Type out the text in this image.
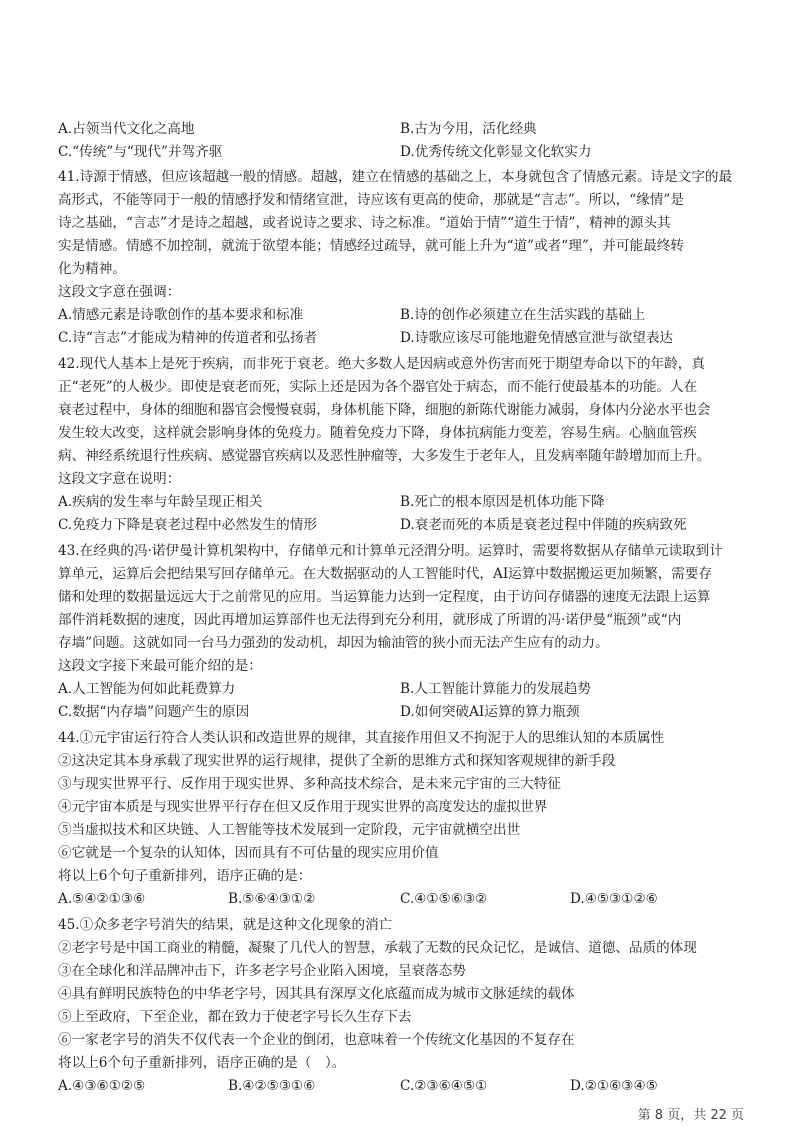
A.占领当代文化之高地	B.古为今用，活化经典
C.“传统”与“现代”并驾齐驱	D.优秀传统文化彰显文化软实力
41.诗源于情感，但应该超越一般的情感。超越，建立在情感的基础之上，本身就包含了情感元素。诗是文字的最
高形式，不能等同于一般的情感抒发和情绪宣泄，诗应该有更高的使命，那就是“言志”。所以，“缘情”是
诗之基础，“言志”才是诗之超越，或者说诗之要求、诗之标准。“道始于情”“道生于情”，精神的源头其
实是情感。情感不加控制，就流于欲望本能；情感经过疏导，就可能上升为“道”或者“理”，并可能最终转
化为精神。
这段文字意在强调：
A.情感元素是诗歌创作的基本要求和标准	B.诗的创作必须建立在生活实践的基础上
C.诗“言志”才能成为精神的传道者和弘扬者	D.诗歌应该尽可能地避免情感宣泄与欲望表达
42.现代人基本上是死于疾病，而非死于衰老。绝大多数人是因病或意外伤害而死于期望寿命以下的年龄，真
正“老死”的人极少。即使是衰老而死，实际上还是因为各个器官处于病态，而不能行使最基本的功能。人在
衰老过程中，身体的细胞和器官会慢慢衰弱，身体机能下降，细胞的新陈代谢能力减弱，身体内分泌水平也会
发生较大改变，这样就会影响身体的免疫力。随着免疫力下降，身体抗病能力变差，容易生病。心脑血管疾
病、神经系统退行性疾病、感觉器官疾病以及恶性肿瘤等，大多发生于老年人，且发病率随年龄增加而上升。
这段文字意在说明：
A.疾病的发生率与年龄呈现正相关	B.死亡的根本原因是机体功能下降
C.免疫力下降是衰老过程中必然发生的情形	D.衰老而死的本质是衰老过程中伴随的疾病致死
43.在经典的冯·诺伊曼计算机架构中，存储单元和计算单元泾渭分明。运算时，需要将数据从存储单元读取到计
算单元，运算后会把结果写回存储单元。在大数据驱动的人工智能时代，AI运算中数据搬运更加频繁，需要存
储和处理的数据量远远大于之前常见的应用。当运算能力达到一定程度，由于访问存储器的速度无法跟上运算
部件消耗数据的速度，因此再增加运算部件也无法得到充分利用，就形成了所谓的冯·诺伊曼“瓶颈”或“内
存墙”问题。这就如同一台马力强劲的发动机，却因为输油管的狭小而无法产生应有的动力。
这段文字接下来最可能介绍的是：
A.人工智能为何如此耗费算力	B.人工智能计算能力的发展趋势
C.数据“内存墙”问题产生的原因	D.如何突破AI运算的算力瓶颈
44.①元宇宙运行符合人类认识和改造世界的规律，其直接作用但又不拘泥于人的思维认知的本质属性
②这决定其本身承载了现实世界的运行规律，提供了全新的思维方式和探知客观规律的新手段
③与现实世界平行、反作用于现实世界、多种高技术综合，是未来元宇宙的三大特征
④元宇宙本质是与现实世界平行存在但又反作用于现实世界的高度发达的虚拟世界
⑤当虚拟技术和区块链、人工智能等技术发展到一定阶段，元宇宙就横空出世
⑥它就是一个复杂的认知体，因而具有不可估量的现实应用价值
将以上6个句子重新排列，语序正确的是：
A.⑤④②①③⑥	B.⑤⑥④③①②	C.④①⑤⑥③②	D.④⑤③①②⑥
45.①众多老字号消失的结果，就是这种文化现象的消亡
②老字号是中国工商业的精髓，凝聚了几代人的智慧，承载了无数的民众记忆，是诚信、道德、品质的体现
③在全球化和洋品牌冲击下，许多老字号企业陷入困境，呈衰落态势
④具有鲜明民族特色的中华老字号，因其具有深厚文化底蕴而成为城市文脉延续的载体
⑤上至政府，下至企业，都在致力于使老字号长久生存下去
⑥一家老字号的消失不仅代表一个企业的倒闭，也意味着一个传统文化基因的不复存在
将以上6个句子重新排列，语序正确的是（　）。
A.④③⑥①②⑤	B.④②⑤③①⑥	C.②③⑥④⑤①	D.②①⑥③④⑤
第 8 页，共 22 页
